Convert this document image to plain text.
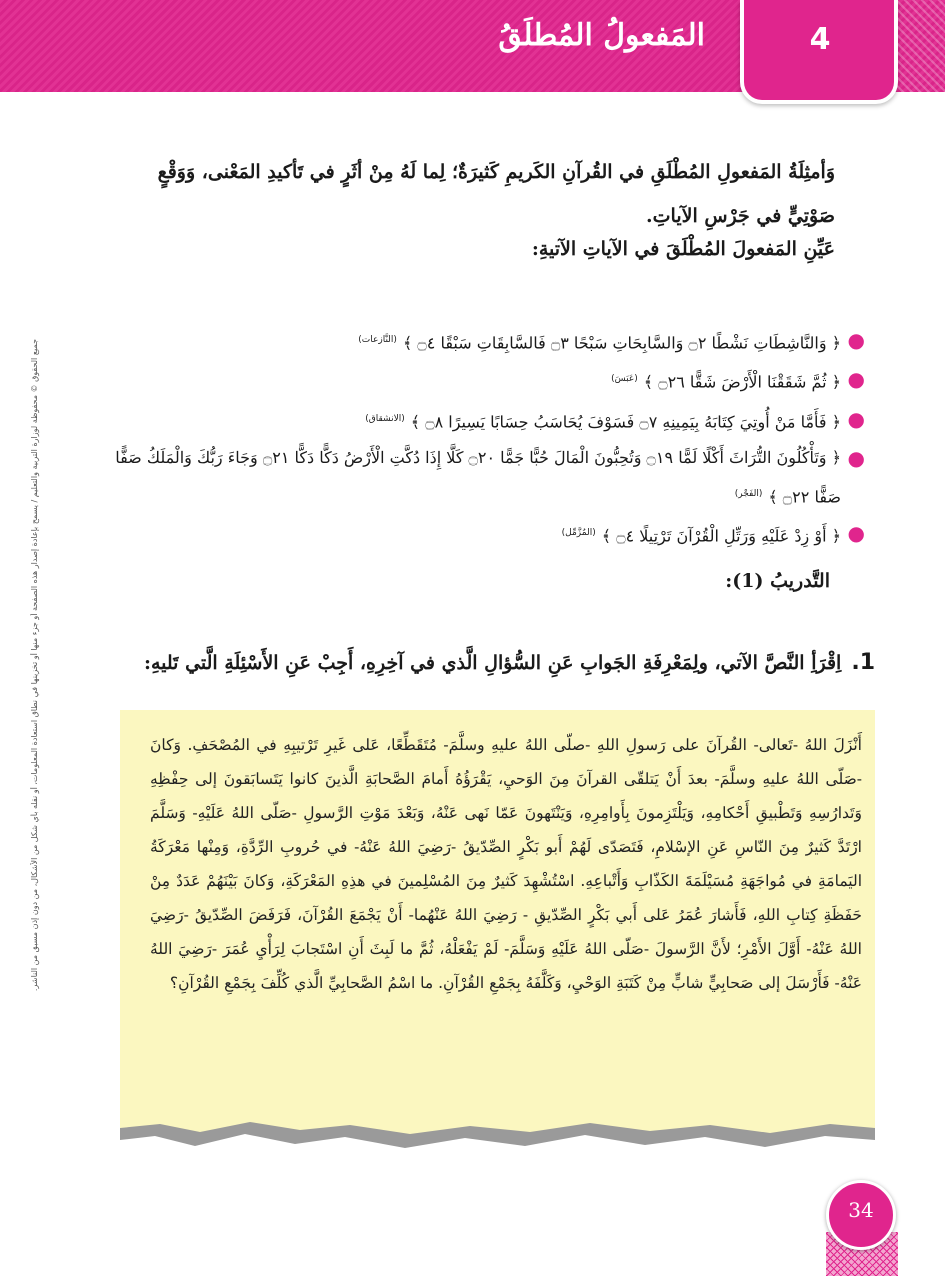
4
المَفعولُ المُطلَقُ
جميع الحقوق © محفوظة لوزارة التربية والتعليم / يسمح بإعادة إصدار هذه الصفحة أو جزء منها أو تخزينها في نطاق استعادة المعلومات، أو نقله بأي شكل من الأشكال، من دون إذن مسبق من الناشر.
وَأمثِلَةُ المَفعولِ المُطْلَقِ في القُرآنِ الكَريمِ كَثيرَةٌ؛ لِما لَهُ مِنْ أثَرٍ في تَأكيدِ المَعْنى، وَوَقْعٍ صَوْتِيٍّ في جَرْسِ الآياتِ.
عَيِّنِ المَفعولَ المُطْلَقَ في الآياتِ الآتيةِ:
●
﴿ وَالنَّاشِطَاتِ نَشْطًا ۝٢ وَالسَّابِحَاتِ سَبْحًا ۝٣ فَالسَّابِقَاتِ سَبْقًا ۝٤ ﴾$^{(النَّازعات)}$
●
﴿ ثُمَّ شَقَقْنَا الْأَرْضَ شَقًّا ۝٢٦ ﴾$^{(عَبَسَ)}$
●
﴿ فَأَمَّا مَنْ أُوتِيَ كِتَابَهُ بِيَمِينِهِ ۝٧ فَسَوْفَ يُحَاسَبُ حِسَابًا يَسِيرًا ۝٨ ﴾$^{(الانشقاق)}$
●
﴿ وَتَأْكُلُونَ التُّرَاثَ أَكْلًا لَمًّا ۝١٩ وَتُحِبُّونَ الْمَالَ حُبًّا جَمًّا ۝٢٠ كَلَّا إِذَا دُكَّتِ الْأَرْضُ دَكًّا دَكًّا ۝٢١ وَجَاءَ رَبُّكَ وَالْمَلَكُ صَفًّا صَفًّا ۝٢٢ ﴾$^{(الفَجْر)}$
●
﴿ أَوْ زِدْ عَلَيْهِ وَرَتِّلِ الْقُرْآنَ تَرْتِيلًا ۝٤ ﴾$^{(المُزَّمِّل)}$
التَّدريبُ (1):
1.اِقْرَأِ النَّصَّ الآتي، ولِمَعْرِفَةِ الجَوابِ عَنِ السُّؤالِ الَّذي في آخِرِهِ، أَجِبْ عَنِ الأَسْئِلَةِ الَّتي تَليهِ:
أَنْزَلَ اللهُ -تَعالى- القُرآنَ على رَسولِ اللهِ -صلّى اللهُ عليهِ وسلَّمَ- مُتَقَطِّعًا، عَلى غَيرِ تَرْتيبِهِ في المُصْحَفِ. وَكانَ -صَلّى اللهُ عليهِ وسلَّمَ- بعدَ أَنْ يَتلقّى القرآنَ مِنَ الوَحيِ، يَقْرَؤُهُ أَمامَ الصَّحابَةِ الَّذينَ كانوا يَتَسابَقونَ إلى حِفْظِهِ وَتَدارُسِهِ وَتَطْبيقِ أَحْكامِهِ، وَيَلْتَزِمونَ بِأَوامِرِهِ، وَيَنْتَهونَ عَمّا نَهى عَنْهُ، وَبَعْدَ مَوْتِ الرَّسولِ -صَلّى اللهُ عَلَيْهِ- وَسَلَّمَ ارْتَدَّ كَثيرٌ مِنَ النّاسِ عَنِ الإسْلامِ، فَتَصَدّى لَهُمْ أَبو بَكْرٍ الصِّدّيقُ -رَضِيَ اللهُ عَنْهُ- في حُروبِ الرِّدَّةِ، وَمِنْها مَعْرَكَةُ اليَمامَةِ في مُواجَهَةِ مُسَيْلَمَةَ الكَذّابِ وَأَتْباعِهِ. اسْتُشْهِدَ كَثيرٌ مِنَ المُسْلِمينَ في هذِهِ المَعْرَكَةِ، وَكانَ بَيْنَهُمْ عَدَدٌ مِنْ حَفَظَةِ كِتابِ اللهِ، فَأَشارَ عُمَرُ عَلى أَبي بَكْرٍ الصِّدّيقِ - رَضِيَ اللهُ عَنْهُما- أَنْ يَجْمَعَ القُرْآنَ، فَرَفَضَ الصِّدّيقُ -رَضِيَ اللهُ عَنْهُ- أَوَّلَ الأَمْرِ؛ لأَنَّ الرَّسولَ -صَلّى اللهُ عَلَيْهِ وَسَلَّمَ- لَمْ يَفْعَلْهُ، ثُمَّ ما لَبِثَ أَنِ اسْتَجابَ لِرَأْيِ عُمَرَ -رَضِيَ اللهُ عَنْهُ- فَأَرْسَلَ إلى صَحابِيٍّ شابٍّ مِنْ كَتَبَةِ الوَحْيِ، وَكَلَّفَهُ بِجَمْعِ القُرْآنِ. ما اسْمُ الصَّحابِيِّ الَّذي كُلِّفَ بِجَمْعِ القُرْآنِ؟
34
